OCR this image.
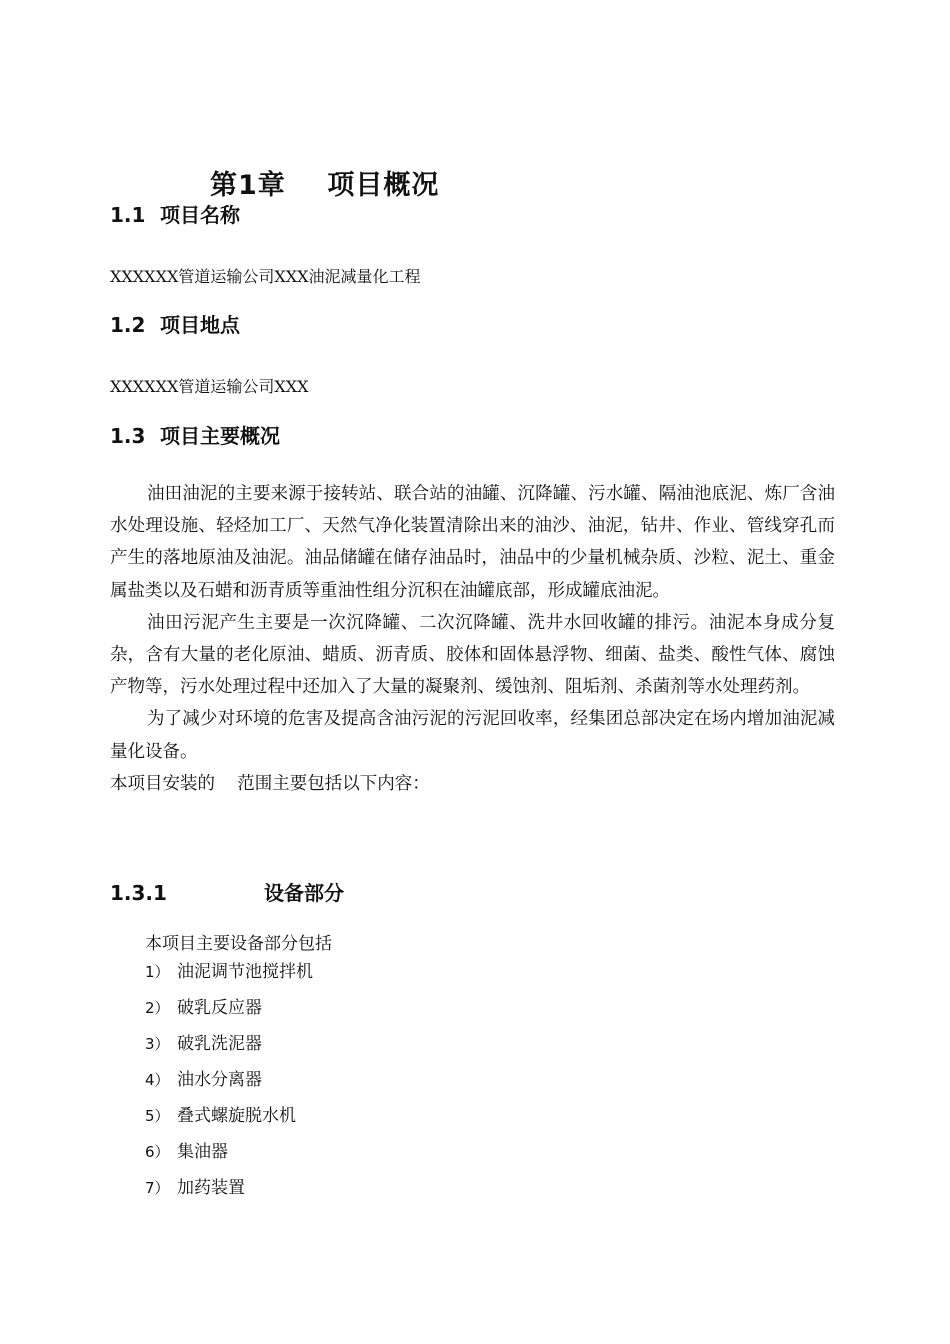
第1章    项目概况
1.1 项目名称
XXXXXX管道运输公司XXX油泥减量化工程
1.2 项目地点
XXXXXX管道运输公司XXX
1.3 项目主要概况

油田油泥的主要来源于接转站、联合站的油罐、沉降罐、污水罐、隔油池底泥、炼厂含油水处理设施、轻烃加工厂、天然气净化装置清除出来的油沙、油泥，钻井、作业、管线穿孔而产生的落地原油及油泥。油品储罐在储存油品时，油品中的少量机械杂质、沙粒、泥土、重金属盐类以及石蜡和沥青质等重油性组分沉积在油罐底部，形成罐底油泥。

油田污泥产生主要是一次沉降罐、二次沉降罐、洗井水回收罐的排污。油泥本身成分复杂，含有大量的老化原油、蜡质、沥青质、胶体和固体悬浮物、细菌、盐类、酸性气体、腐蚀产物等，污水处理过程中还加入了大量的凝聚剂、缓蚀剂、阻垢剂、杀菌剂等水处理药剂。

为了减少对环境的危害及提高含油污泥的污泥回收率，经集团总部决定在场内增加油泥减量化设备。

本项目安装的    范围主要包括以下内容：

1.3.1	设备部分
本项目主要设备部分包括
1） 油泥调节池搅拌机
2） 破乳反应器
3） 破乳洗泥器
4） 油水分离器
5） 叠式螺旋脱水机
6） 集油器
7） 加药装置
